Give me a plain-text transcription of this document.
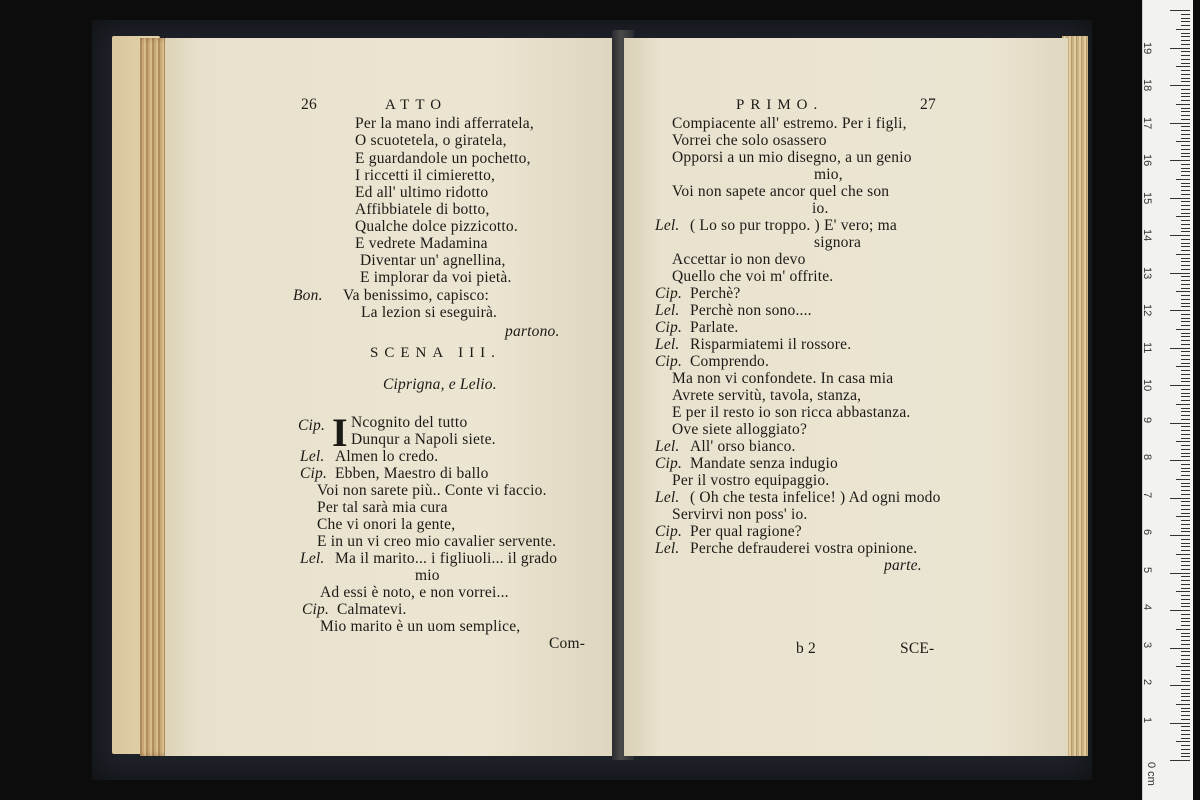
26	ATTO
Per la mano indi afferratela,
O scuotetela, o giratela,
E guardandole un pochetto,
I riccetti il cimieretto,
Ed all' ultimo ridotto
Affibbiatele di botto,
Qualche dolce pizzicotto.
E vedrete Madamina
Diventar un' agnellina,
E implorar da voi pietà.
Bon. Va benissimo, capisco:
La lezion si eseguirà.
partono.
SCENA III.
Ciprigna, e Lelio.
Cip. I Ncognito del tutto
Dunqur a Napoli siete.
Lel. Almen lo credo.
Cip. Ebben, Maestro di ballo
Voi non sarete più.. Conte vi faccio.
Per tal sarà mia cura
Che vi onori la gente,
E in un vi creo mio cavalier servente.
Lel. Ma il marito... i figliuoli... il grado
mio
Ad essi è noto, e non vorrei...
Cip. Calmatevi.
Mio marito è un uom semplice,
Com-
PRIMO.	27
Compiacente all' estremo. Per i figli,
Vorrei che solo osassero
Opporsi a un mio disegno, a un genio
mio,
Voi non sapete ancor quel che son
io.
Lel. ( Lo so pur troppo. ) E' vero; ma
signora
Accettar io non devo
Quello che voi m' offrite.
Cip. Perchè?
Lel. Perchè non sono....
Cip. Parlate.
Lel. Risparmiatemi il rossore.
Cip. Comprendo.
Ma non vi confondete. In casa mia
Avrete servitù, tavola, stanza,
E per il resto io son ricca abbastanza.
Ove siete alloggiato?
Lel. All' orso bianco.
Cip. Mandate senza indugio
Per il vostro equipaggio.
Lel. ( Oh che testa infelice! ) Ad ogni modo
Servirvi non poss' io.
Cip. Per qual ragione?
Lel. Perche defrauderei vostra opinione.
parte.
b 2	SCE-
0 cm
1
2
3
4
5
6
7
8
9
10
11
12
13
14
15
16
17
18
19
